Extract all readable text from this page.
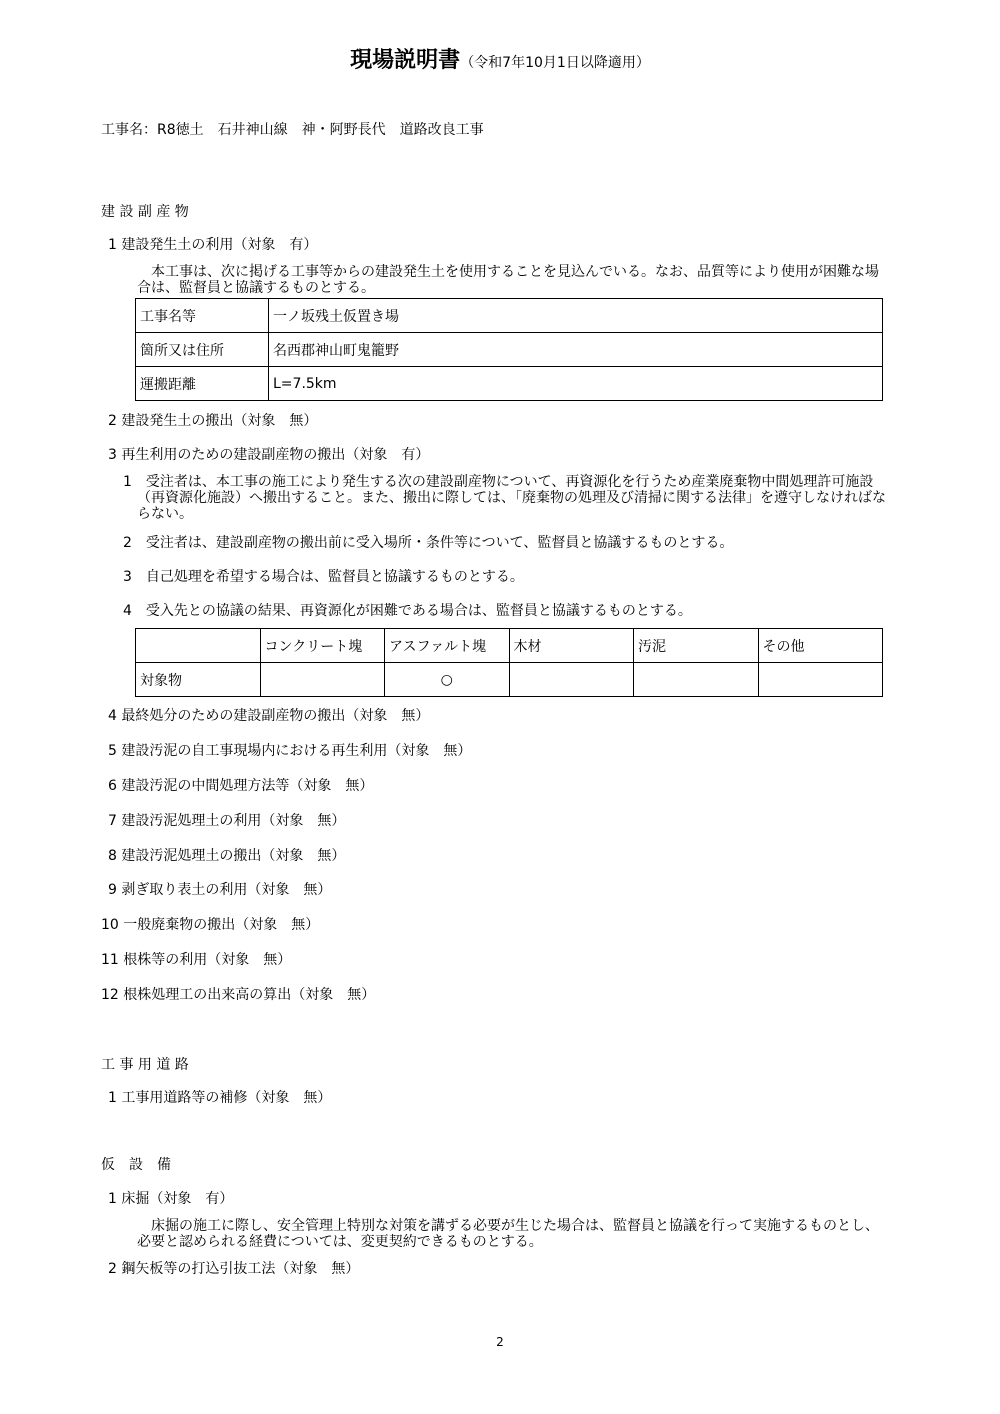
現場説明書（令和7年10月1日以降適用）
工事名：R8徳土　石井神山線　神・阿野長代　道路改良工事
建 設 副 産 物
1 建設発生土の利用（対象　有）
本工事は、次に掲げる工事等からの建設発生土を使用することを見込んでいる。なお、品質等により使用が困難な場合は、監督員と協議するものとする。
工事名等	一ノ坂残土仮置き場
箇所又は住所	名西郡神山町鬼籠野
運搬距離	L=7.5km
2 建設発生土の搬出（対象　無）
3 再生利用のための建設副産物の搬出（対象　有）
1　受注者は、本工事の施工により発生する次の建設副産物について、再資源化を行うため産業廃棄物中間処理許可施設（再資源化施設）へ搬出すること。また、搬出に際しては、「廃棄物の処理及び清掃に関する法律」を遵守しなければならない。
2　受注者は、建設副産物の搬出前に受入場所・条件等について、監督員と協議するものとする。
3　自己処理を希望する場合は、監督員と協議するものとする。
4　受入先との協議の結果、再資源化が困難である場合は、監督員と協議するものとする。
	コンクリート塊	アスファルト塊	木材	汚泥	その他
対象物		○			
4 最終処分のための建設副産物の搬出（対象　無）
5 建設汚泥の自工事現場内における再生利用（対象　無）
6 建設汚泥の中間処理方法等（対象　無）
7 建設汚泥処理土の利用（対象　無）
8 建設汚泥処理土の搬出（対象　無）
9 剥ぎ取り表土の利用（対象　無）
10 一般廃棄物の搬出（対象　無）
11 根株等の利用（対象　無）
12 根株処理工の出来高の算出（対象　無）
工 事 用 道 路
1 工事用道路等の補修（対象　無）
仮　設　備
1 床掘（対象　有）
床掘の施工に際し、安全管理上特別な対策を講ずる必要が生じた場合は、監督員と協議を行って実施するものとし、必要と認められる経費については、変更契約できるものとする。
2 鋼矢板等の打込引抜工法（対象　無）
2
